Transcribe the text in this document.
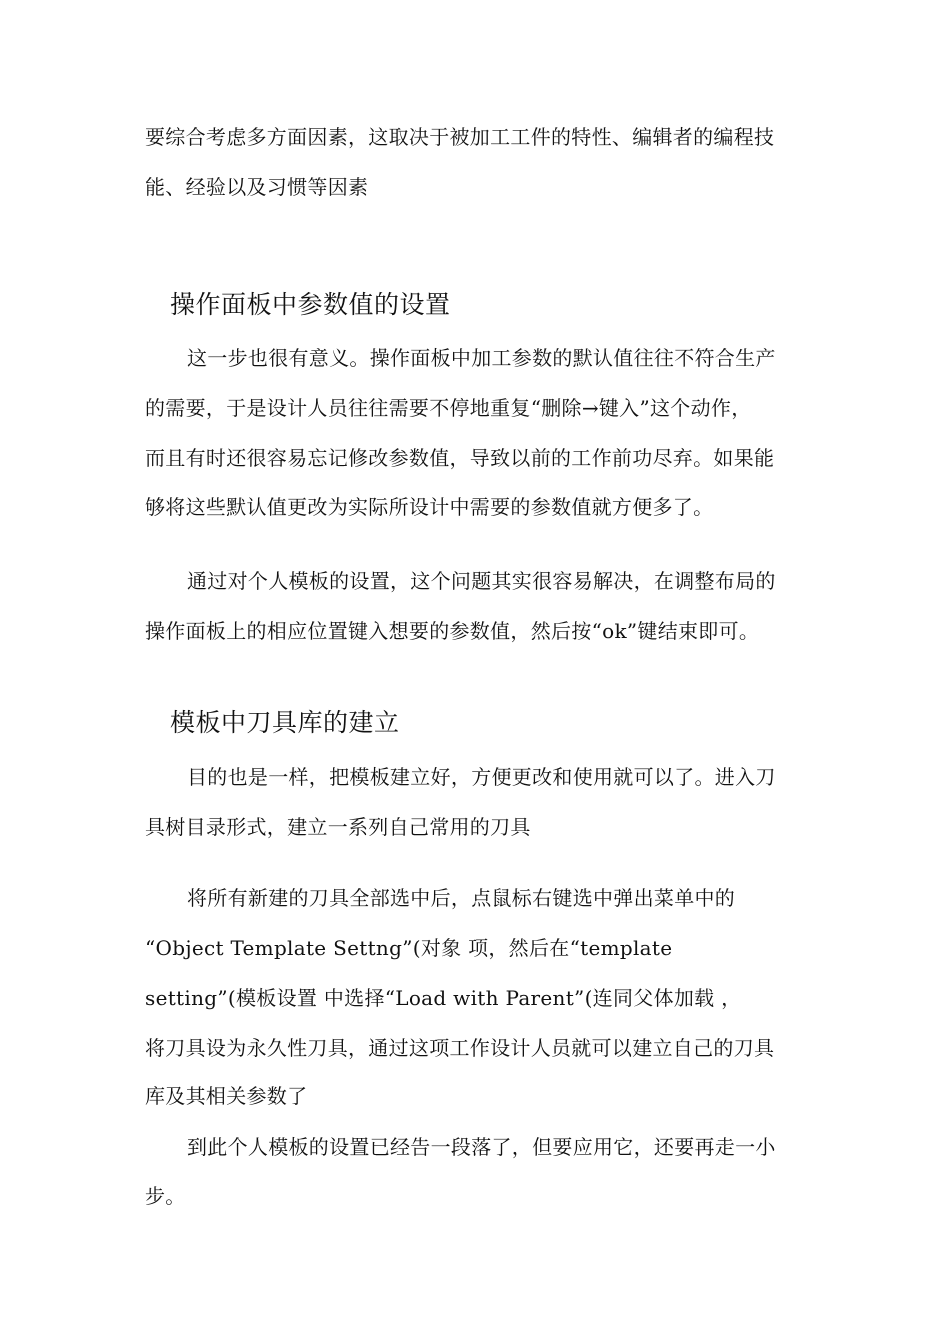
要综合考虑多方面因素，这取决于被加工工件的特性、编辑者的编程技
能、经验以及习惯等因素
操作面板中参数值的设置
这一步也很有意义。操作面板中加工参数的默认值往往不符合生产
的需要，于是设计人员往往需要不停地重复“删除→键入”这个动作，
而且有时还很容易忘记修改参数值，导致以前的工作前功尽弃。如果能
够将这些默认值更改为实际所设计中需要的参数值就方便多了。
通过对个人模板的设置，这个问题其实很容易解决，在调整布局的
操作面板上的相应位置键入想要的参数值，然后按“ok”键结束即可。
模板中刀具库的建立
目的也是一样，把模板建立好，方便更改和使用就可以了。进入刀
具树目录形式，建立一系列自己常用的刀具
将所有新建的刀具全部选中后，点鼠标右键选中弹出菜单中的
“Object Template Settng”(对象 项，然后在“template
setting”(模板设置 中选择“Load with Parent”(连同父体加载 ，
将刀具设为永久性刀具，通过这项工作设计人员就可以建立自己的刀具
库及其相关参数了
到此个人模板的设置已经告一段落了，但要应用它，还要再走一小
步。
